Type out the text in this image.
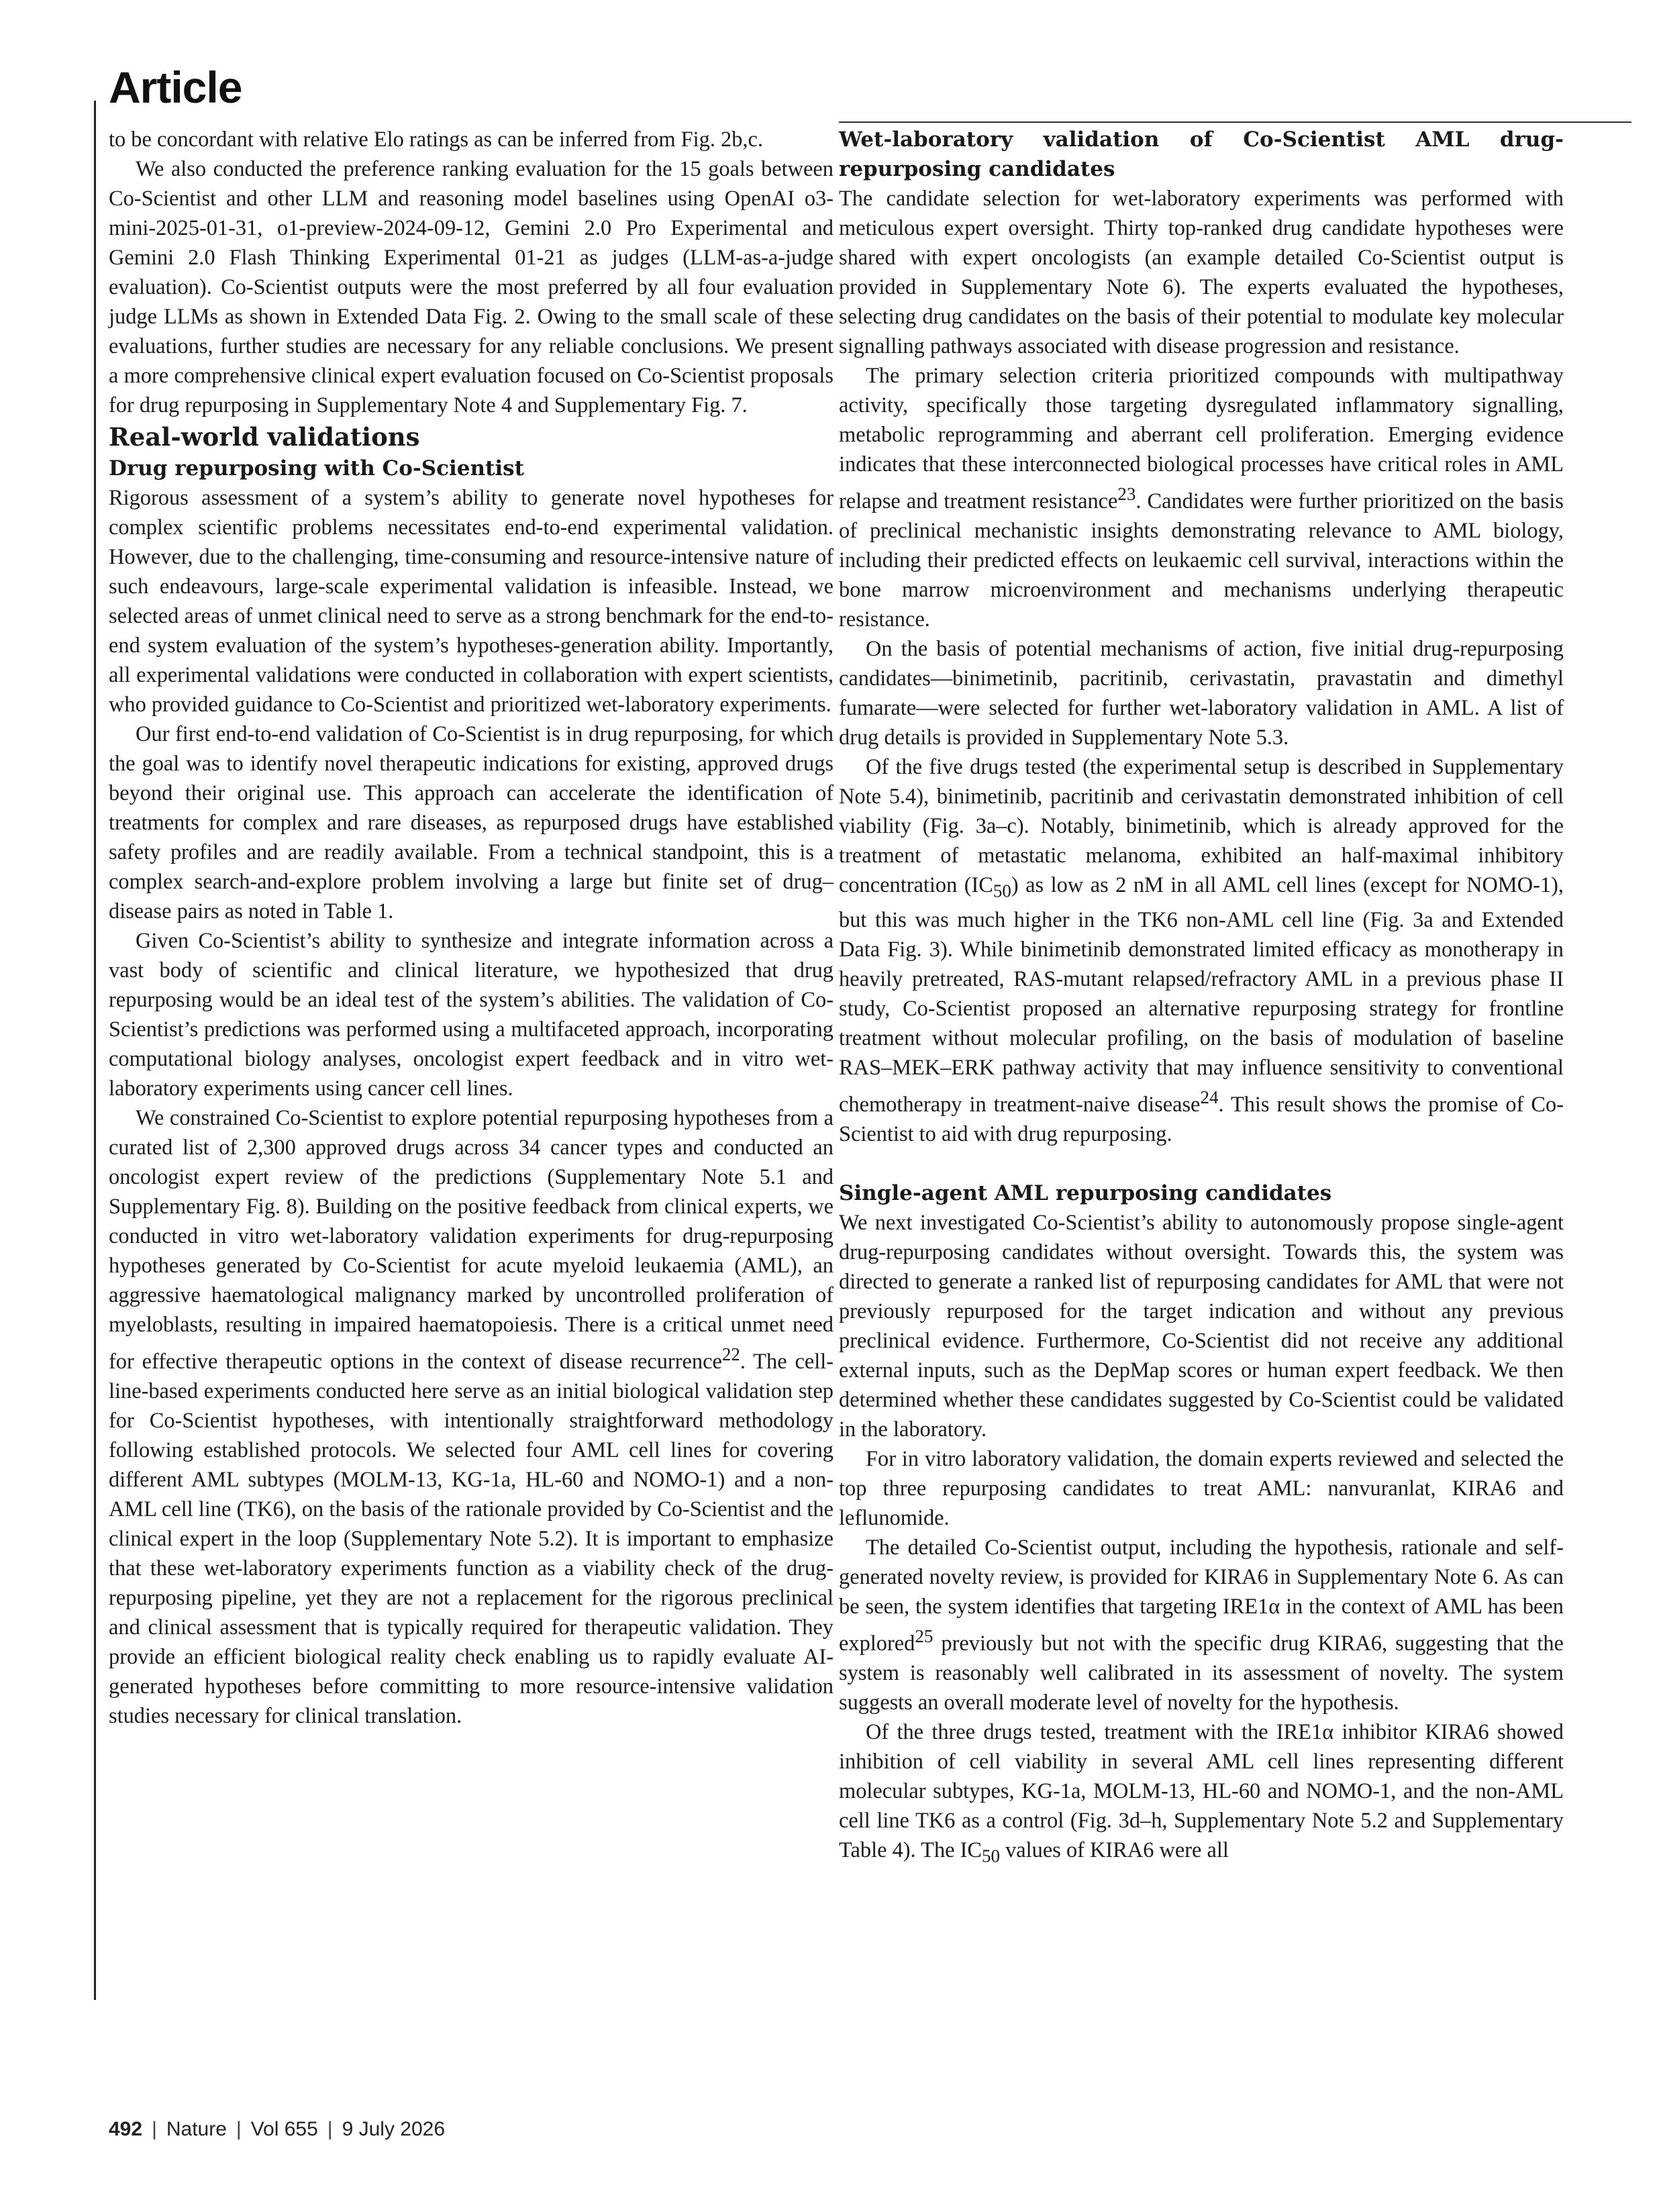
Article

to be concordant with relative Elo ratings as can be inferred from Fig. 2b,c.

We also conducted the preference ranking evaluation for the 15 goals between Co-Scientist and other LLM and reasoning model baselines using OpenAI o3-mini-2025-01-31, o1-preview-2024-09-12, Gemini 2.0 Pro Experimental and Gemini 2.0 Flash Thinking Experimental 01-21 as judges (LLM-as-a-judge evaluation). Co-Scientist outputs were the most preferred by all four evaluation judge LLMs as shown in Extended Data Fig. 2. Owing to the small scale of these evaluations, further studies are necessary for any reliable conclusions. We present a more comprehensive clinical expert evaluation focused on Co-Scientist proposals for drug repurposing in Supplementary Note 4 and Supplementary Fig. 7.

Real-world validations

Drug repurposing with Co-Scientist

Rigorous assessment of a system’s ability to generate novel hypotheses for complex scientific problems necessitates end-to-end experimental validation. However, due to the challenging, time-consuming and resource-intensive nature of such endeavours, large-scale experimental validation is infeasible. Instead, we selected areas of unmet clinical need to serve as a strong benchmark for the end-to-end system evaluation of the system’s hypotheses-generation ability. Importantly, all experimental validations were conducted in collaboration with expert scientists, who provided guidance to Co-Scientist and prioritized wet-laboratory experiments.

Our first end-to-end validation of Co-Scientist is in drug repurposing, for which the goal was to identify novel therapeutic indications for existing, approved drugs beyond their original use. This approach can accelerate the identification of treatments for complex and rare diseases, as repurposed drugs have established safety profiles and are readily available. From a technical standpoint, this is a complex search-and-explore problem involving a large but finite set of drug–disease pairs as noted in Table 1.

Given Co-Scientist’s ability to synthesize and integrate information across a vast body of scientific and clinical literature, we hypothesized that drug repurposing would be an ideal test of the system’s abilities. The validation of Co-Scientist’s predictions was performed using a multifaceted approach, incorporating computational biology analyses, oncologist expert feedback and in vitro wet-laboratory experiments using cancer cell lines.

We constrained Co-Scientist to explore potential repurposing hypotheses from a curated list of 2,300 approved drugs across 34 cancer types and conducted an oncologist expert review of the predictions (Supplementary Note 5.1 and Supplementary Fig. 8). Building on the positive feedback from clinical experts, we conducted in vitro wet-laboratory validation experiments for drug-repurposing hypotheses generated by Co-Scientist for acute myeloid leukaemia (AML), an aggressive haematological malignancy marked by uncontrolled proliferation of myeloblasts, resulting in impaired haematopoiesis. There is a critical unmet need for effective therapeutic options in the context of disease recurrence$^{22}$. The cell-line-based experiments conducted here serve as an initial biological validation step for Co-Scientist hypotheses, with intentionally straightforward methodology following established protocols. We selected four AML cell lines for covering different AML subtypes (MOLM-13, KG-1a, HL-60 and NOMO-1) and a non-AML cell line (TK6), on the basis of the rationale provided by Co-Scientist and the clinical expert in the loop (Supplementary Note 5.2). It is important to emphasize that these wet-laboratory experiments function as a viability check of the drug-repurposing pipeline, yet they are not a replacement for the rigorous preclinical and clinical assessment that is typically required for therapeutic validation. They provide an efficient biological reality check enabling us to rapidly evaluate AI-generated hypotheses before committing to more resource-intensive validation studies necessary for clinical translation.

Wet-laboratory validation of Co-Scientist AML drug-repurposing candidates

The candidate selection for wet-laboratory experiments was performed with meticulous expert oversight. Thirty top-ranked drug candidate hypotheses were shared with expert oncologists (an example detailed Co-Scientist output is provided in Supplementary Note 6). The experts evaluated the hypotheses, selecting drug candidates on the basis of their potential to modulate key molecular signalling pathways associated with disease progression and resistance.

The primary selection criteria prioritized compounds with multipathway activity, specifically those targeting dysregulated inflammatory signalling, metabolic reprogramming and aberrant cell proliferation. Emerging evidence indicates that these interconnected biological processes have critical roles in AML relapse and treatment resistance$^{23}$. Candidates were further prioritized on the basis of preclinical mechanistic insights demonstrating relevance to AML biology, including their predicted effects on leukaemic cell survival, interactions within the bone marrow microenvironment and mechanisms underlying therapeutic resistance.

On the basis of potential mechanisms of action, five initial drug-repurposing candidates—binimetinib, pacritinib, cerivastatin, pravastatin and dimethyl fumarate—were selected for further wet-laboratory validation in AML. A list of drug details is provided in Supplementary Note 5.3.

Of the five drugs tested (the experimental setup is described in Supplementary Note 5.4), binimetinib, pacritinib and cerivastatin demonstrated inhibition of cell viability (Fig. 3a–c). Notably, binimetinib, which is already approved for the treatment of metastatic melanoma, exhibited an half-maximal inhibitory concentration $(IC_{50})$ as low as 2 nM in all AML cell lines (except for NOMO-1), but this was much higher in the TK6 non-AML cell line (Fig. 3a and Extended Data Fig. 3). While binimetinib demonstrated limited efficacy as monotherapy in heavily pretreated, RAS-mutant relapsed/refractory AML in a previous phase II study, Co-Scientist proposed an alternative repurposing strategy for frontline treatment without molecular profiling, on the basis of modulation of baseline RAS–MEK–ERK pathway activity that may influence sensitivity to conventional chemotherapy in treatment-naive disease$^{24}$. This result shows the promise of Co-Scientist to aid with drug repurposing.

Single-agent AML repurposing candidates

We next investigated Co-Scientist’s ability to autonomously propose single-agent drug-repurposing candidates without oversight. Towards this, the system was directed to generate a ranked list of repurposing candidates for AML that were not previously repurposed for the target indication and without any previous preclinical evidence. Furthermore, Co-Scientist did not receive any additional external inputs, such as the DepMap scores or human expert feedback. We then determined whether these candidates suggested by Co-Scientist could be validated in the laboratory.

For in vitro laboratory validation, the domain experts reviewed and selected the top three repurposing candidates to treat AML: nanvuranlat, KIRA6 and leflunomide.

The detailed Co-Scientist output, including the hypothesis, rationale and self-generated novelty review, is provided for KIRA6 in Supplementary Note 6. As can be seen, the system identifies that targeting IRE1α in the context of AML has been explored$^{25}$ previously but not with the specific drug KIRA6, suggesting that the system is reasonably well calibrated in its assessment of novelty. The system suggests an overall moderate level of novelty for the hypothesis.

Of the three drugs tested, treatment with the IRE1α inhibitor KIRA6 showed inhibition of cell viability in several AML cell lines representing different molecular subtypes, KG-1a, MOLM-13, HL-60 and NOMO-1, and the non-AML cell line TK6 as a control (Fig. 3d–h, Supplementary Note 5.2 and Supplementary Table 4). The $IC_{50}$ values of KIRA6 were all

492 | Nature | Vol 655 | 9 July 2026
